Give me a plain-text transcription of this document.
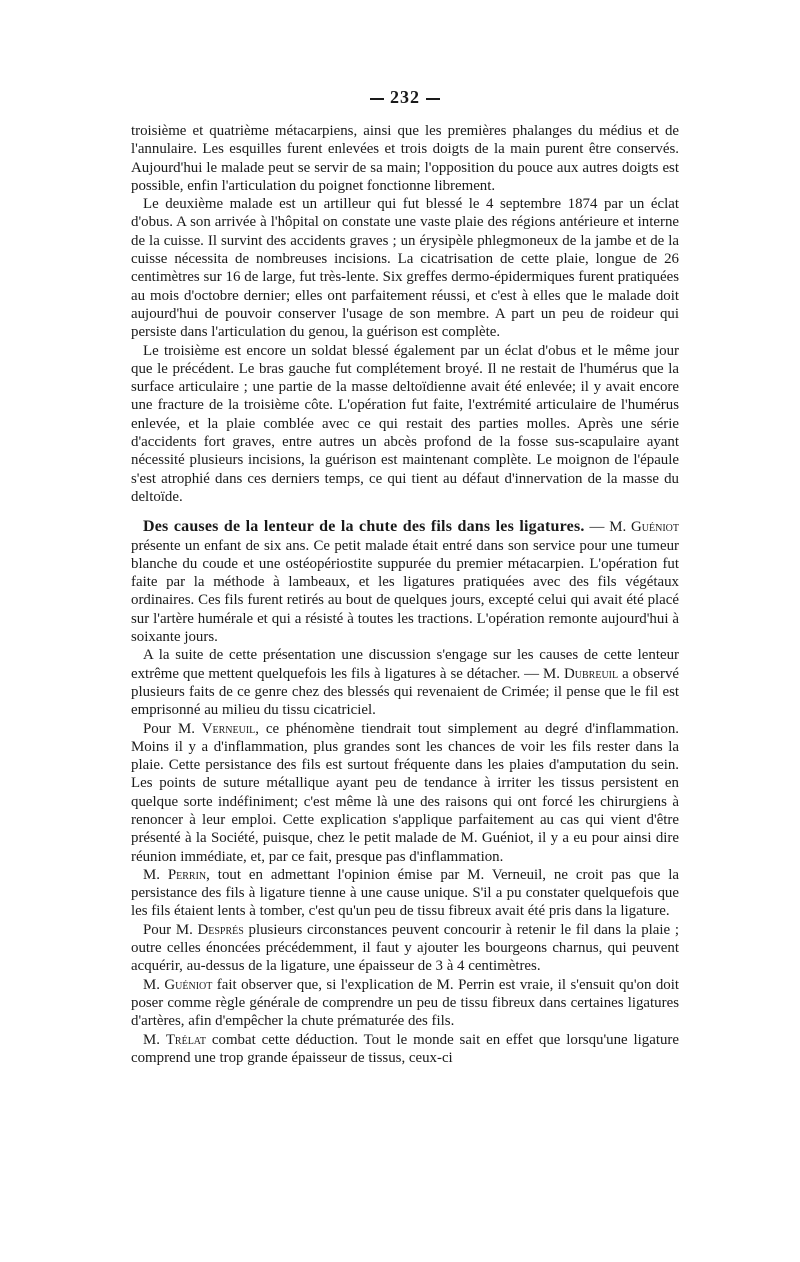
232

troisième et quatrième métacarpiens, ainsi que les premières phalanges du médius et de l'annulaire. Les esquilles furent enlevées et trois doigts de la main purent être conservés. Aujourd'hui le malade peut se servir de sa main; l'opposition du pouce aux autres doigts est possible, enfin l'articulation du poignet fonctionne librement.

Le deuxième malade est un artilleur qui fut blessé le 4 septembre 1874 par un éclat d'obus. A son arrivée à l'hôpital on constate une vaste plaie des régions antérieure et interne de la cuisse. Il survint des accidents graves ; un érysipèle phlegmoneux de la jambe et de la cuisse nécessita de nombreuses incisions. La cicatrisation de cette plaie, longue de 26 centimètres sur 16 de large, fut très-lente. Six greffes dermo-épidermiques furent pratiquées au mois d'octobre dernier; elles ont parfaitement réussi, et c'est à elles que le malade doit aujourd'hui de pouvoir conserver l'usage de son membre. A part un peu de roideur qui persiste dans l'articulation du genou, la guérison est complète.

Le troisième est encore un soldat blessé également par un éclat d'obus et le même jour que le précédent. Le bras gauche fut complétement broyé. Il ne restait de l'humérus que la surface articulaire ; une partie de la masse deltoïdienne avait été enlevée; il y avait encore une fracture de la troisième côte. L'opération fut faite, l'extrémité articulaire de l'humérus enlevée, et la plaie comblée avec ce qui restait des parties molles. Après une série d'accidents fort graves, entre autres un abcès profond de la fosse sus-scapulaire ayant nécessité plusieurs incisions, la guérison est maintenant complète. Le moignon de l'épaule s'est atrophié dans ces derniers temps, ce qui tient au défaut d'innervation de la masse du deltoïde.

Des causes de la lenteur de la chute des fils dans les ligatures. — M. Guéniot présente un enfant de six ans. Ce petit malade était entré dans son service pour une tumeur blanche du coude et une ostéopériostite suppurée du premier métacarpien. L'opération fut faite par la méthode à lambeaux, et les ligatures pratiquées avec des fils végétaux ordinaires. Ces fils furent retirés au bout de quelques jours, excepté celui qui avait été placé sur l'artère humérale et qui a résisté à toutes les tractions. L'opération remonte aujourd'hui à soixante jours.

A la suite de cette présentation une discussion s'engage sur les causes de cette lenteur extrême que mettent quelquefois les fils à ligatures à se détacher. — M. Dubreuil a observé plusieurs faits de ce genre chez des blessés qui revenaient de Crimée; il pense que le fil est emprisonné au milieu du tissu cicatriciel.

Pour M. Verneuil, ce phénomène tiendrait tout simplement au degré d'inflammation. Moins il y a d'inflammation, plus grandes sont les chances de voir les fils rester dans la plaie. Cette persistance des fils est surtout fréquente dans les plaies d'amputation du sein. Les points de suture métallique ayant peu de tendance à irriter les tissus persistent en quelque sorte indéfiniment; c'est même là une des raisons qui ont forcé les chirurgiens à renoncer à leur emploi. Cette explication s'applique parfaitement au cas qui vient d'être présenté à la Société, puisque, chez le petit malade de M. Guéniot, il y a eu pour ainsi dire réunion immédiate, et, par ce fait, presque pas d'inflammation.

M. Perrin, tout en admettant l'opinion émise par M. Verneuil, ne croit pas que la persistance des fils à ligature tienne à une cause unique. S'il a pu constater quelquefois que les fils étaient lents à tomber, c'est qu'un peu de tissu fibreux avait été pris dans la ligature.

Pour M. Després plusieurs circonstances peuvent concourir à retenir le fil dans la plaie ; outre celles énoncées précédemment, il faut y ajouter les bourgeons charnus, qui peuvent acquérir, au-dessus de la ligature, une épaisseur de 3 à 4 centimètres.

M. Guéniot fait observer que, si l'explication de M. Perrin est vraie, il s'ensuit qu'on doit poser comme règle générale de comprendre un peu de tissu fibreux dans certaines ligatures d'artères, afin d'empêcher la chute prématurée des fils.

M. Trélat combat cette déduction. Tout le monde sait en effet que lorsqu'une ligature comprend une trop grande épaisseur de tissus, ceux-ci
